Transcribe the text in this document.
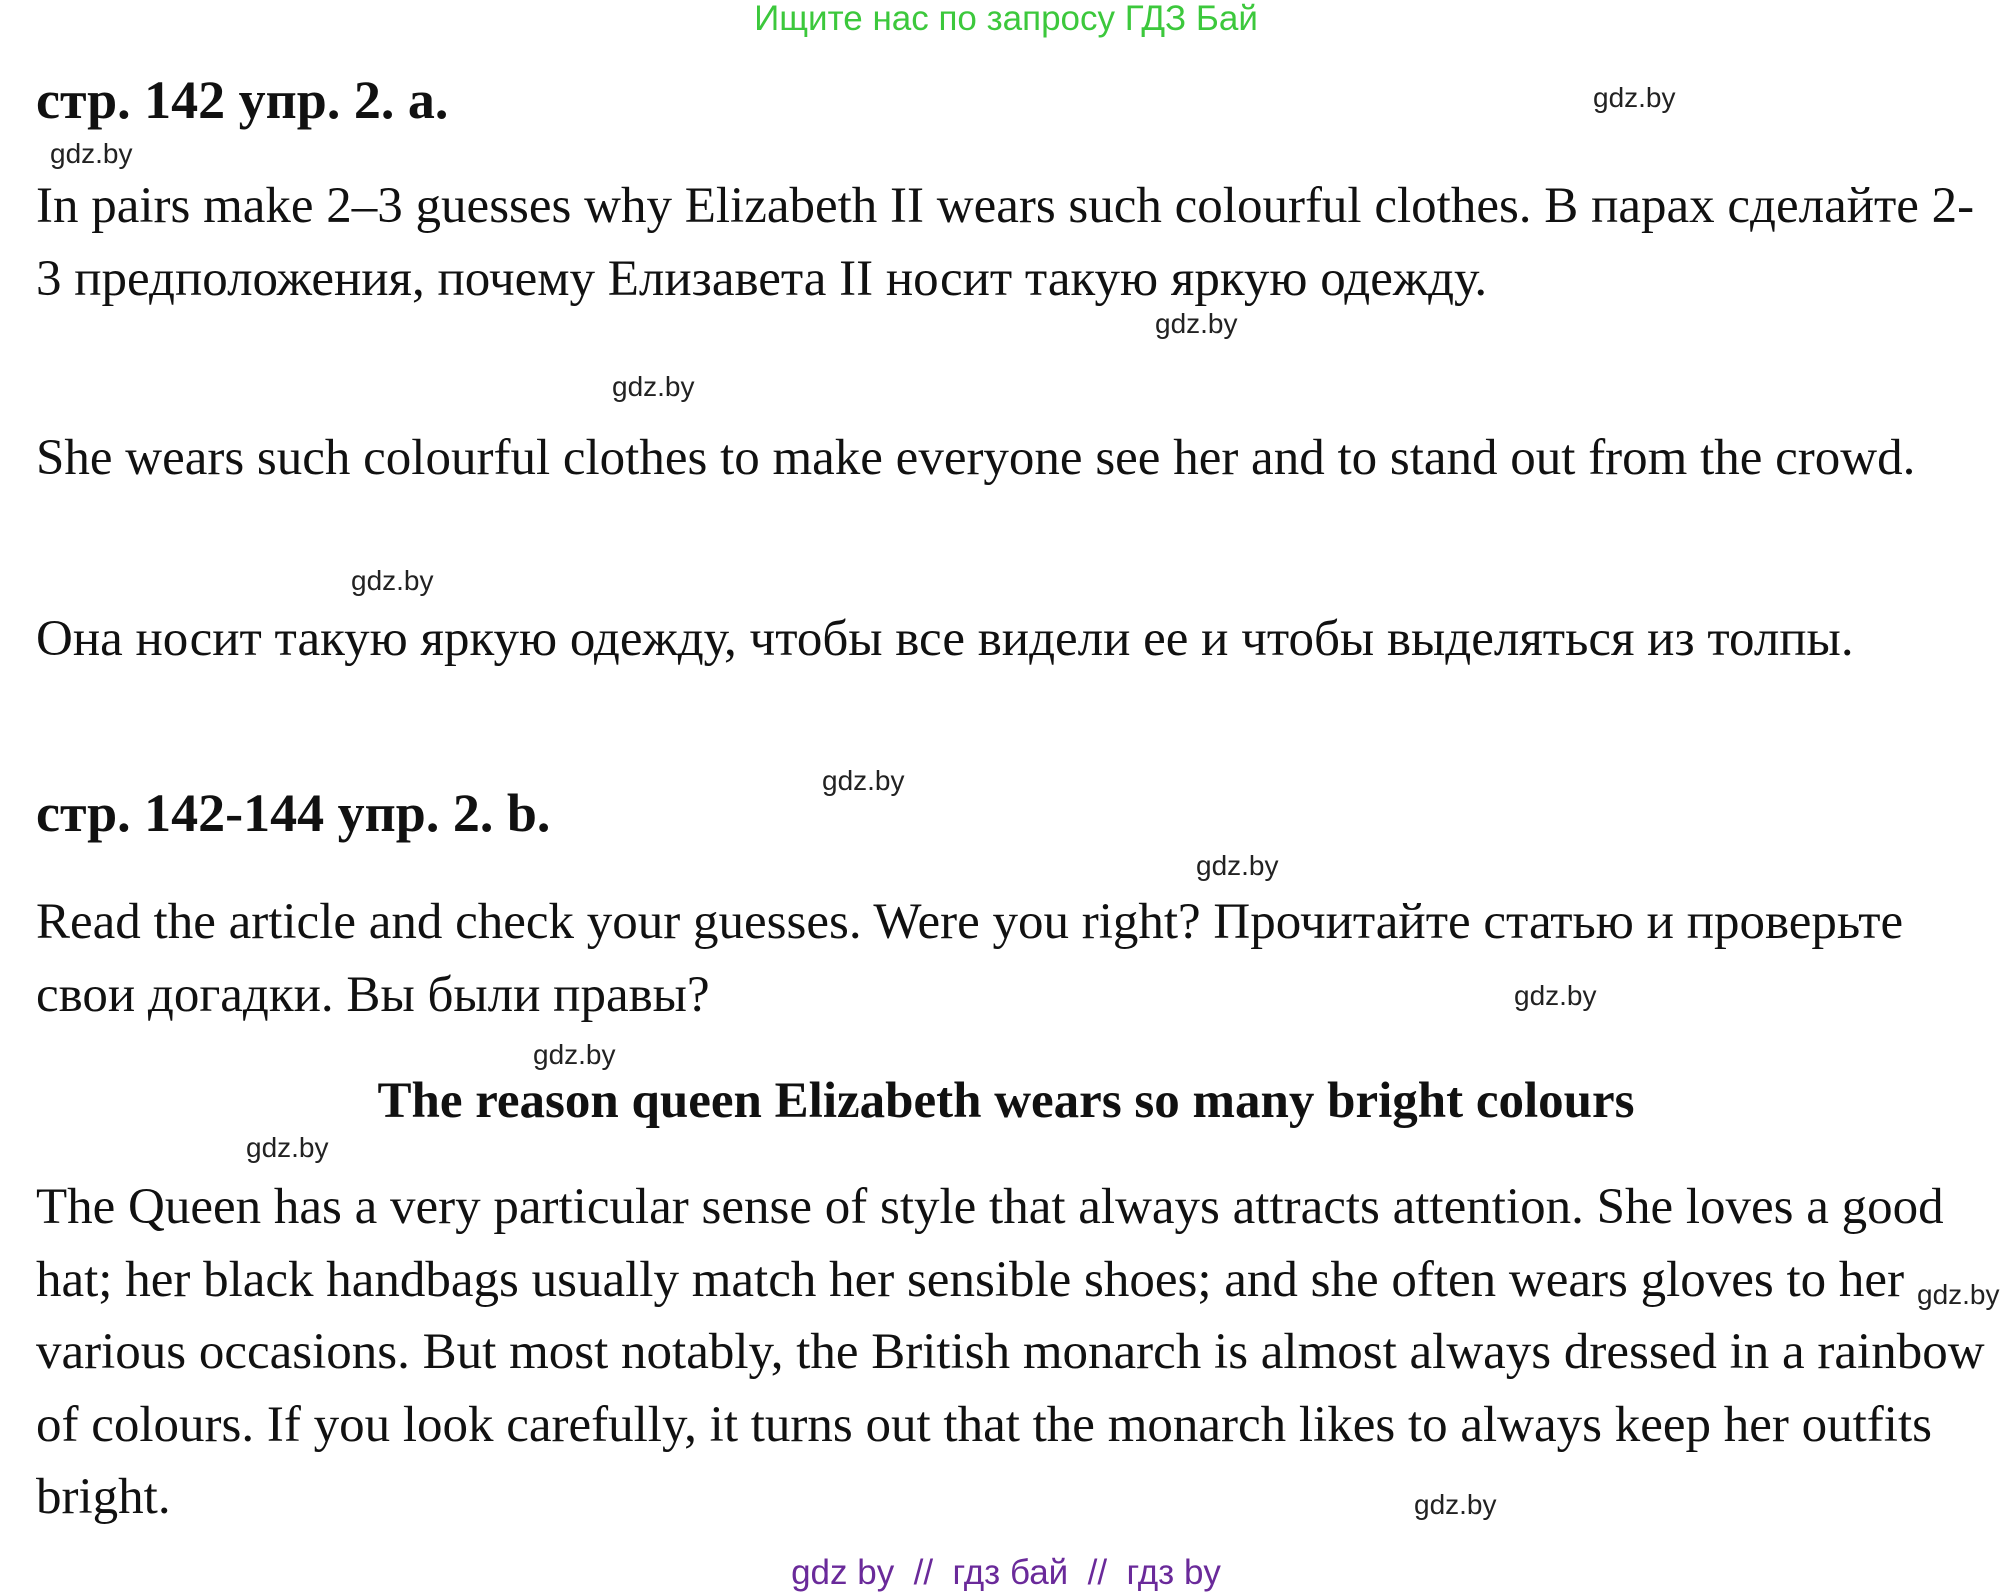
Ищите нас по запросу ГДЗ Бай
стр. 142 упр. 2. a.

In pairs make 2–3 guesses why Elizabeth II wears such colourful clothes. В парах сделайте 2-3 предположения, почему Елизавета II носит такую яркую одежду.

She wears such colourful clothes to make everyone see her and to stand out from the crowd.

Она носит такую яркую одежду, чтобы все видели ее и чтобы выделяться из толпы.

стр. 142-144 упр. 2. b.

Read the article and check your guesses. Were you right? Прочитайте статью и проверьте свои догадки. Вы были правы?

The reason queen Elizabeth wears so many bright colours

The Queen has a very particular sense of style that always attracts attention. She loves a good hat; her black handbags usually match her sensible shoes; and she often wears gloves to her various occasions. But most notably, the British monarch is almost always dressed in a rainbow of colours. If you look carefully, it turns out that the monarch likes to always keep her outfits bright.

gdz.by
gdz.by
gdz.by
gdz.by
gdz.by
gdz.by
gdz.by
gdz.by
gdz.by
gdz.by
gdz.by
gdz.by
gdz by  //  гдз бай  //  гдз by
